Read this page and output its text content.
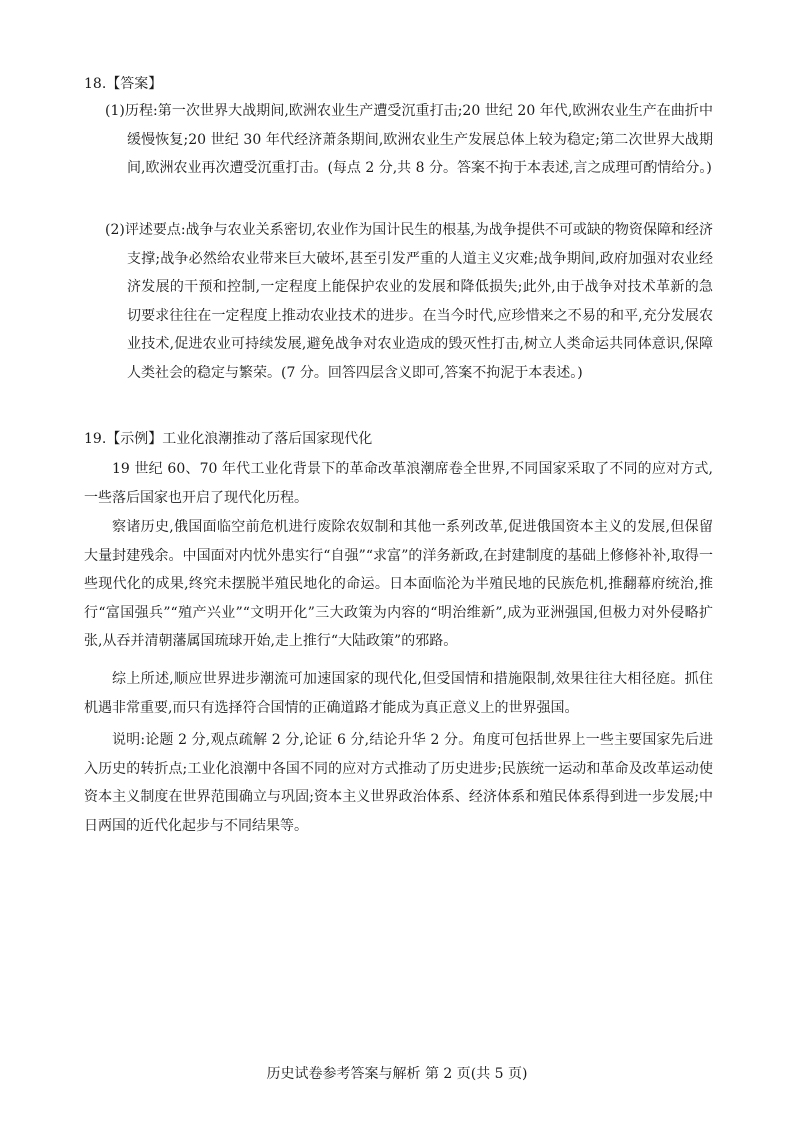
18.【答案】

(1)历程:第一次世界大战期间,欧洲农业生产遭受沉重打击;20 世纪 20 年代,欧洲农业生产在曲折中缓慢恢复;20 世纪 30 年代经济萧条期间,欧洲农业生产发展总体上较为稳定;第二次世界大战期间,欧洲农业再次遭受沉重打击。(每点 2 分,共 8 分。答案不拘于本表述,言之成理可酌情给分。)

(2)评述要点:战争与农业关系密切,农业作为国计民生的根基,为战争提供不可或缺的物资保障和经济支撑;战争必然给农业带来巨大破坏,甚至引发严重的人道主义灾难;战争期间,政府加强对农业经济发展的干预和控制,一定程度上能保护农业的发展和降低损失;此外,由于战争对技术革新的急切要求往往在一定程度上推动农业技术的进步。在当今时代,应珍惜来之不易的和平,充分发展农业技术,促进农业可持续发展,避免战争对农业造成的毁灭性打击,树立人类命运共同体意识,保障人类社会的稳定与繁荣。(7 分。回答四层含义即可,答案不拘泥于本表述。)

19.【示例】工业化浪潮推动了落后国家现代化

19 世纪 60、70 年代工业化背景下的革命改革浪潮席卷全世界,不同国家采取了不同的应对方式,一些落后国家也开启了现代化历程。

察诸历史,俄国面临空前危机进行废除农奴制和其他一系列改革,促进俄国资本主义的发展,但保留大量封建残余。中国面对内忧外患实行“自强”“求富”的洋务新政,在封建制度的基础上修修补补,取得一些现代化的成果,终究未摆脱半殖民地化的命运。日本面临沦为半殖民地的民族危机,推翻幕府统治,推行“富国强兵”“殖产兴业”“文明开化”三大政策为内容的“明治维新”,成为亚洲强国,但极力对外侵略扩张,从吞并清朝藩属国琉球开始,走上推行“大陆政策”的邪路。

综上所述,顺应世界进步潮流可加速国家的现代化,但受国情和措施限制,效果往往大相径庭。抓住机遇非常重要,而只有选择符合国情的正确道路才能成为真正意义上的世界强国。

说明:论题 2 分,观点疏解 2 分,论证 6 分,结论升华 2 分。角度可包括世界上一些主要国家先后进入历史的转折点;工业化浪潮中各国不同的应对方式推动了历史进步;民族统一运动和革命及改革运动使资本主义制度在世界范围确立与巩固;资本主义世界政治体系、经济体系和殖民体系得到进一步发展;中日两国的近代化起步与不同结果等。

历史试卷参考答案与解析 第 2 页(共 5 页)
